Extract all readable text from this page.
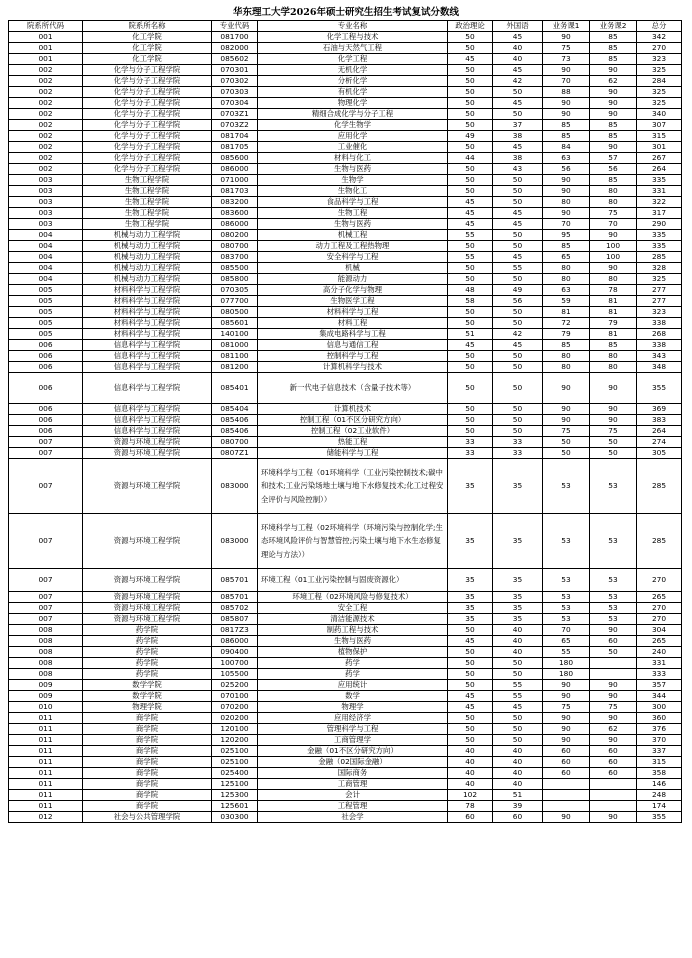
华东理工大学2026年硕士研究生招生考试复试分数线
院系所代码	院系所名称	专业代码	专业名称	政治理论	外国语	业务课1	业务课2	总分
001	化工学院	081700	化学工程与技术	50	45	90	85	342
001	化工学院	082000	石油与天然气工程	50	40	75	85	270
001	化工学院	085602	化学工程	45	40	73	85	323
002	化学与分子工程学院	070301	无机化学	50	45	90	90	325
002	化学与分子工程学院	070302	分析化学	50	42	70	62	284
002	化学与分子工程学院	070303	有机化学	50	50	88	90	325
002	化学与分子工程学院	070304	物理化学	50	45	90	90	325
002	化学与分子工程学院	0703Z1	精细合成化学与分子工程	50	50	90	90	340
002	化学与分子工程学院	0703Z2	化学生物学	50	37	85	85	307
002	化学与分子工程学院	081704	应用化学	49	38	85	85	315
002	化学与分子工程学院	081705	工业催化	50	45	84	90	301
002	化学与分子工程学院	085600	材料与化工	44	38	63	57	267
002	化学与分子工程学院	086000	生物与医药	50	43	56	56	264
003	生物工程学院	071000	生物学	50	50	90	85	335
003	生物工程学院	081703	生物化工	50	50	90	80	331
003	生物工程学院	083200	食品科学与工程	45	50	80	80	322
003	生物工程学院	083600	生物工程	45	45	90	75	317
003	生物工程学院	086000	生物与医药	45	45	70	70	290
004	机械与动力工程学院	080200	机械工程	55	50	95	90	335
004	机械与动力工程学院	080700	动力工程及工程热物理	50	50	85	100	335
004	机械与动力工程学院	083700	安全科学与工程	55	45	65	100	285
004	机械与动力工程学院	085500	机械	50	55	80	90	328
004	机械与动力工程学院	085800	能源动力	50	50	80	80	325
005	材料科学与工程学院	070305	高分子化学与物理	48	49	63	78	277
005	材料科学与工程学院	077700	生物医学工程	58	56	59	81	277
005	材料科学与工程学院	080500	材料科学与工程	50	50	81	81	323
005	材料科学与工程学院	085601	材料工程	50	50	72	79	338
005	材料科学与工程学院	140100	集成电路科学与工程	51	42	79	81	268
006	信息科学与工程学院	081000	信息与通信工程	45	45	85	85	338
006	信息科学与工程学院	081100	控制科学与工程	50	50	80	80	343
006	信息科学与工程学院	081200	计算机科学与技术	50	50	80	80	348
006	信息科学与工程学院	085401	新一代电子信息技术（含量子技术等）	50	50	90	90	355
006	信息科学与工程学院	085404	计算机技术	50	50	90	90	369
006	信息科学与工程学院	085406	控制工程（01不区分研究方向）	50	50	90	90	383
006	信息科学与工程学院	085406	控制工程（02工业软件）	50	50	75	75	264
007	资源与环境工程学院	080700	热能工程	33	33	50	50	274
007	资源与环境工程学院	0807Z1	储能科学与工程	33	33	50	50	305
007	资源与环境工程学院	083000	环境科学与工程（01环境科学（工业污染控制技术;碳中和技术;工业污染场地土壤与地下水修复技术;化工过程安全评价与风险控制））	35	35	53	53	285
007	资源与环境工程学院	083000	环境科学与工程（02环境科学（环境污染与控制化学;生态环境风险评价与智慧管控;污染土壤与地下水生态修复理论与方法））	35	35	53	53	285
007	资源与环境工程学院	085701	环境工程（01工业污染控制与固废资源化）	35	35	53	53	270
007	资源与环境工程学院	085701	环境工程（02环境风险与修复技术）	35	35	53	53	265
007	资源与环境工程学院	085702	安全工程	35	35	53	53	270
007	资源与环境工程学院	085807	清洁能源技术	35	35	53	53	270
008	药学院	0817Z3	制药工程与技术	50	40	70	90	304
008	药学院	086000	生物与医药	45	40	65	60	265
008	药学院	090400	植物保护	50	40	55	50	240
008	药学院	100700	药学	50	50	180		331
008	药学院	105500	药学	50	50	180		333
009	数学学院	025200	应用统计	50	55	90	90	357
009	数学学院	070100	数学	45	55	90	90	344
010	物理学院	070200	物理学	45	45	75	75	300
011	商学院	020200	应用经济学	50	50	90	90	360
011	商学院	120100	管理科学与工程	50	50	90	62	376
011	商学院	120200	工商管理学	50	50	90	90	370
011	商学院	025100	金融（01不区分研究方向）	40	40	60	60	337
011	商学院	025100	金融（02国际金融）	40	40	60	60	315
011	商学院	025400	国际商务	40	40	60	60	358
011	商学院	125100	工商管理	40	40			146
011	商学院	125300	会计	102	51			248
011	商学院	125601	工程管理	78	39			174
012	社会与公共管理学院	030300	社会学	60	60	90	90	355
